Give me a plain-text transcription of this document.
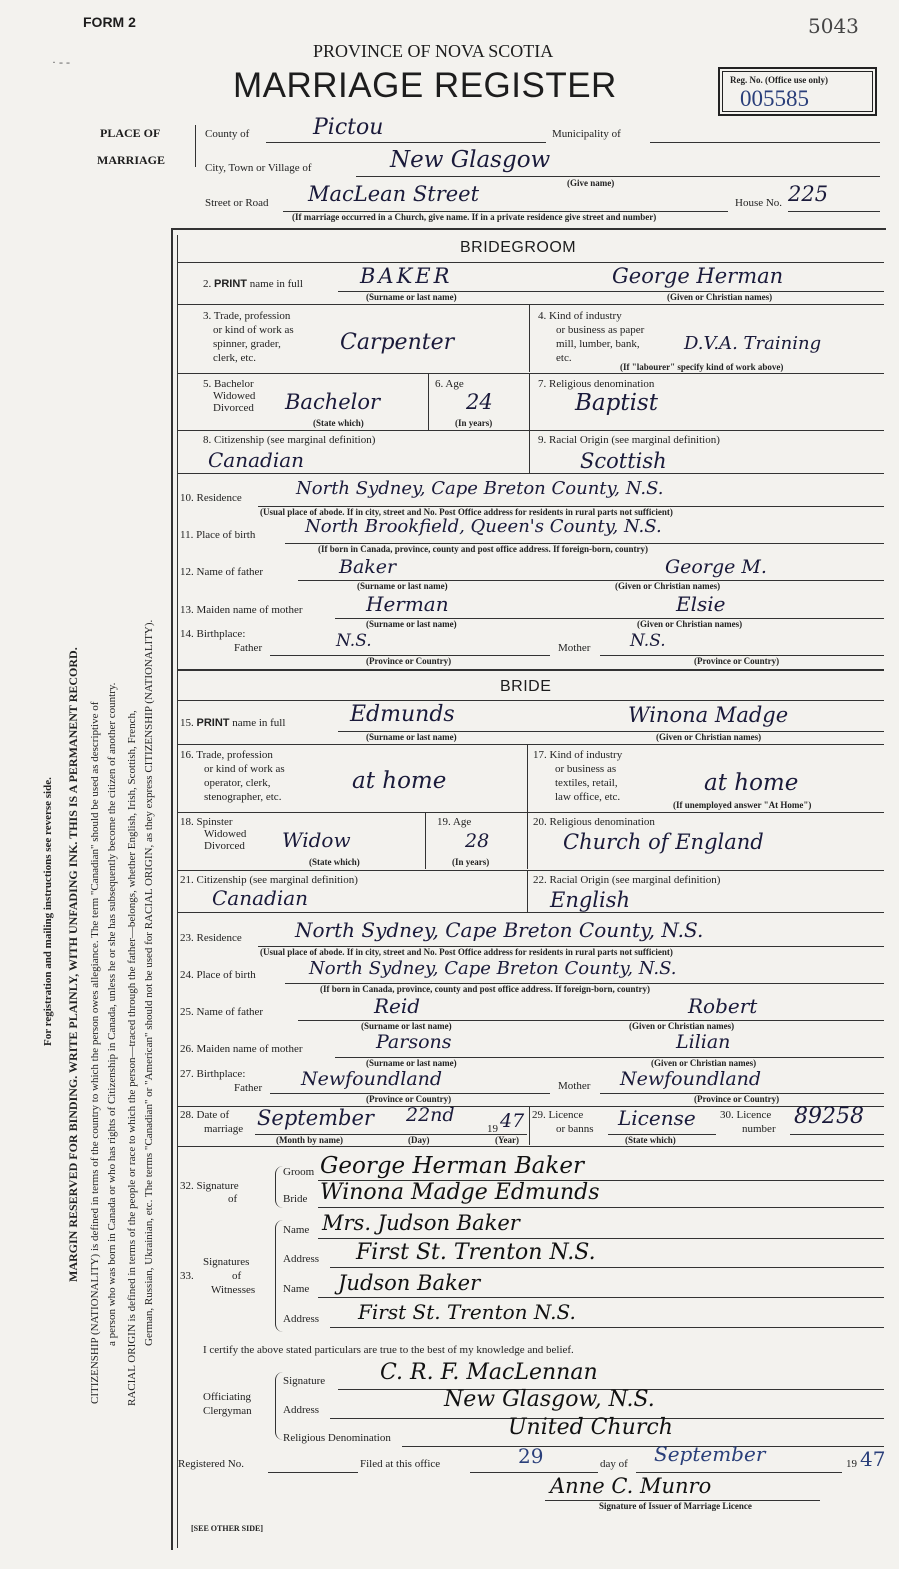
FORM 2	5043
PROVINCE OF NOVA SCOTIA
MARRIAGE REGISTER	Reg. No. (Office use only)
005585
PLACE OF
MARRIAGE
County of	Pictou	Municipality of
City, Town or Village of	New Glasgow
(Give name)
Street or Road MacLean Street	House No. 225
(If marriage occurred in a Church, give name. If in a private residence give street and number)
For registration and mailing instructions see reverse side. MARGIN RESERVED FOR BINDING. WRITE PLAINLY, WITH UNFADING INK. THIS IS A PERMANENT RECORD. CITIZENSHIP (NATIONALITY) is defined in terms of the country to which the person owes allegiance. The term "Canadian" should be used as descriptive of a person who was born in Canada or who has rights of Citizenship in Canada, unless he or she has subsequently become the citizen of another country. RACIAL ORIGIN is defined in terms of the people or race to which the person—traced through the father—belongs, whether English, Irish, Scottish, French, German, Russian, Ukrainian, etc. The terms "Canadian" or "American" should not be used for RACIAL ORIGIN, as they express CITIZENSHIP (NATIONALITY).
· - -
BRIDEGROOM
2. PRINT name in full	BAKER	George Herman
(Surname or last name)	(Given or Christian names)
3. Trade, profession
or kind of work as
spinner, grader,
clerk, etc.
Carpenter
4. Kind of industry
or business as paper
mill, lumber, bank,
etc.
D.V.A. Training
(If "labourer" specify kind of work above)
5. Bachelor
Widowed
Divorced Bachelor
(State which)
6. Age
24
(In years)
7. Religious denomination
Baptist
8. Citizenship (see marginal definition)
Canadian
9. Racial Origin (see marginal definition)
Scottish
10. Residence	North Sydney, Cape Breton County, N.S.
(Usual place of abode. If in city, street and No. Post Office address for residents in rural parts not sufficient)
11. Place of birth	North Brookfield, Queen's County, N.S.
(If born in Canada, province, county and post office address. If foreign-born, country)
12. Name of father	Baker	George M.
(Surname or last name)	(Given or Christian names)
13. Maiden name of mother	Herman	Elsie
(Surname or last name)	(Given or Christian names)
14. Birthplace:
Father	N.S.	Mother N.S.
(Province or Country)	(Province or Country)
BRIDE
15. PRINT name in full	Edmunds	Winona Madge
(Surname or last name)	(Given or Christian names)
16. Trade, profession
or kind of work as
operator, clerk,
stenographer, etc.
at home
17. Kind of industry
or business as
textiles, retail,
law office, etc.
at home
(If unemployed answer "At Home")
18. Spinster
Widowed
Divorced Widow
(State which)
19. Age
28
(In years)
20. Religious denomination
Church of England
21. Citizenship (see marginal definition)
Canadian
22. Racial Origin (see marginal definition)
English
23. Residence	North Sydney, Cape Breton County, N.S.
(Usual place of abode. If in city, street and No. Post Office address for residents in rural parts not sufficient)
24. Place of birth	North Sydney, Cape Breton County, N.S.
(If born in Canada, province, county and post office address. If foreign-born, country)
25. Name of father	Reid	Robert
(Surname or last name)	(Given or Christian names)
26. Maiden name of mother	Parsons	Lilian
27. Birthplace:
(Surname or last name)	(Given or Christian names)
Father Newfoundland	Mother Newfoundland
(Province or Country)	(Province or Country)
28. Date of
marriage September 22nd
19 47
(Month by name)	(Day)	(Year)
29. Licence
or banns License
(State which)
30. Licence
number 89258
32. Signature
of
Groom George Herman Baker
Bride Winona Madge Edmunds
Signatures
33.	of
Witnesses
Name Mrs. Judson Baker
Address First St. Trenton N.S.
Name Judson Baker
Address First St. Trenton N.S.
I certify the above stated particulars are true to the best of my knowledge and belief.
Officiating
Clergyman
Signature C. R. F. MacLennan
Address	New Glasgow, N.S.
Religious Denomination	United Church
Registered No.	Filed at this office	29	day of September	19 47
Anne C. Munro
Signature of Issuer of Marriage Licence
[SEE OTHER SIDE]
